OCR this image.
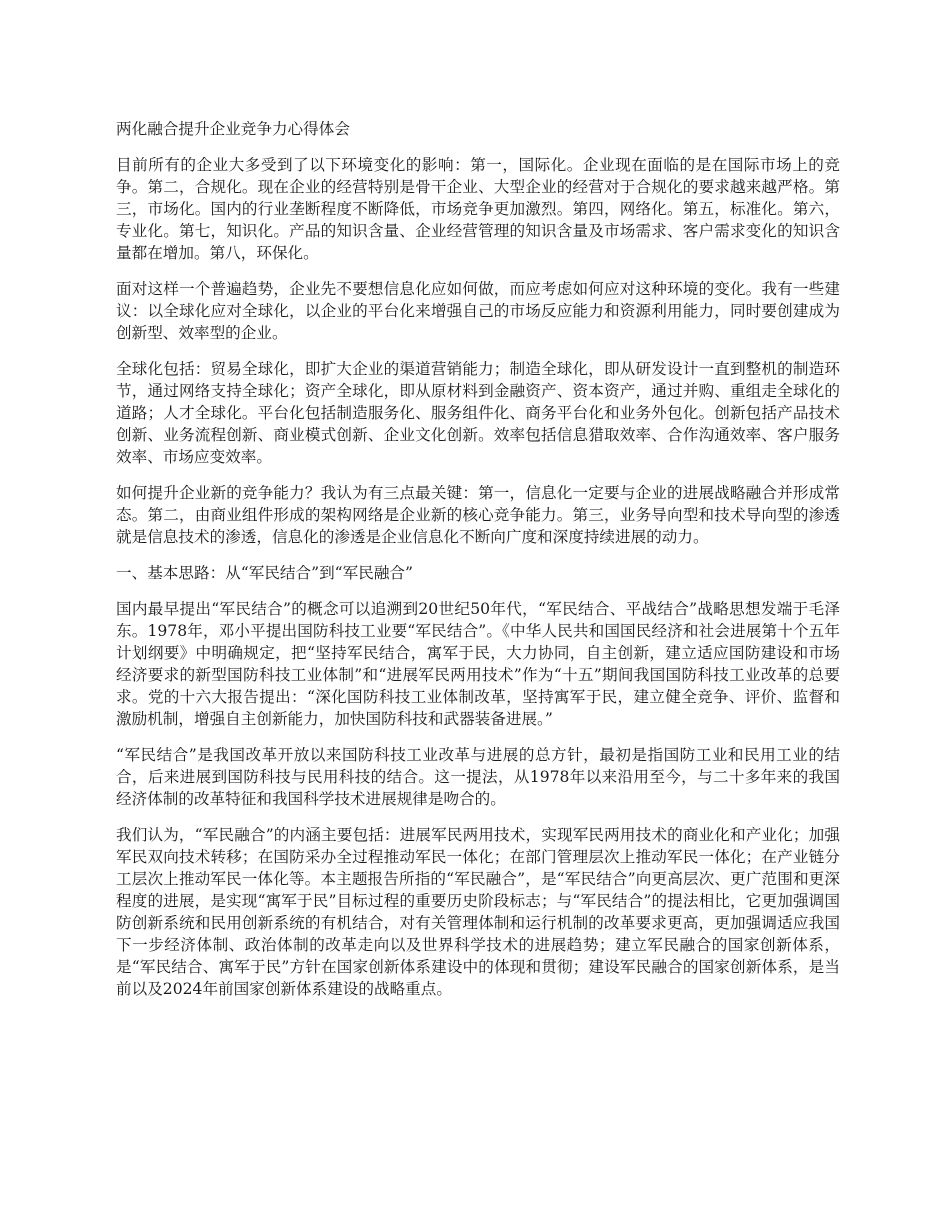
两化融合提升企业竞争力心得体会

目前所有的企业大多受到了以下环境变化的影响：第一，国际化。企业现在面临的是在国际市场上的竞争。第二，合规化。现在企业的经营特别是骨干企业、大型企业的经营对于合规化的要求越来越严格。第三，市场化。国内的行业垄断程度不断降低，市场竞争更加激烈。第四，网络化。第五，标准化。第六，专业化。第七，知识化。产品的知识含量、企业经营管理的知识含量及市场需求、客户需求变化的知识含量都在增加。第八，环保化。

面对这样一个普遍趋势，企业先不要想信息化应如何做，而应考虑如何应对这种环境的变化。我有一些建议：以全球化应对全球化，以企业的平台化来增强自己的市场反应能力和资源利用能力，同时要创建成为创新型、效率型的企业。

全球化包括：贸易全球化，即扩大企业的渠道营销能力；制造全球化，即从研发设计一直到整机的制造环节，通过网络支持全球化；资产全球化，即从原材料到金融资产、资本资产，通过并购、重组走全球化的道路；人才全球化。平台化包括制造服务化、服务组件化、商务平台化和业务外包化。创新包括产品技术创新、业务流程创新、商业模式创新、企业文化创新。效率包括信息猎取效率、合作沟通效率、客户服务效率、市场应变效率。

如何提升企业新的竞争能力？我认为有三点最关键：第一，信息化一定要与企业的进展战略融合并形成常态。第二，由商业组件形成的架构网络是企业新的核心竞争能力。第三，业务导向型和技术导向型的渗透就是信息技术的渗透，信息化的渗透是企业信息化不断向广度和深度持续进展的动力。

一、基本思路：从“军民结合”到“军民融合”

国内最早提出“军民结合”的概念可以追溯到20世纪50年代，“军民结合、平战结合”战略思想发端于毛泽东。1978年，邓小平提出国防科技工业要“军民结合”。《中华人民共和国国民经济和社会进展第十个五年计划纲要》中明确规定，把“坚持军民结合，寓军于民，大力协同，自主创新，建立适应国防建设和市场经济要求的新型国防科技工业体制”和“进展军民两用技术”作为“十五”期间我国国防科技工业改革的总要求。党的十六大报告提出：“深化国防科技工业体制改革，坚持寓军于民，建立健全竞争、评价、监督和激励机制，增强自主创新能力，加快国防科技和武器装备进展。”

“军民结合”是我国改革开放以来国防科技工业改革与进展的总方针，最初是指国防工业和民用工业的结合，后来进展到国防科技与民用科技的结合。这一提法，从1978年以来沿用至今，与二十多年来的我国经济体制的改革特征和我国科学技术进展规律是吻合的。

我们认为，“军民融合”的内涵主要包括：进展军民两用技术，实现军民两用技术的商业化和产业化；加强军民双向技术转移；在国防采办全过程推动军民一体化；在部门管理层次上推动军民一体化；在产业链分工层次上推动军民一体化等。本主题报告所指的“军民融合”，是“军民结合”向更高层次、更广范围和更深程度的进展，是实现“寓军于民”目标过程的重要历史阶段标志；与“军民结合”的提法相比，它更加强调国防创新系统和民用创新系统的有机结合，对有关管理体制和运行机制的改革要求更高，更加强调适应我国下一步经济体制、政治体制的改革走向以及世界科学技术的进展趋势；建立军民融合的国家创新体系，是“军民结合、寓军于民”方针在国家创新体系建设中的体现和贯彻；建设军民融合的国家创新体系，是当前以及2024年前国家创新体系建设的战略重点。
